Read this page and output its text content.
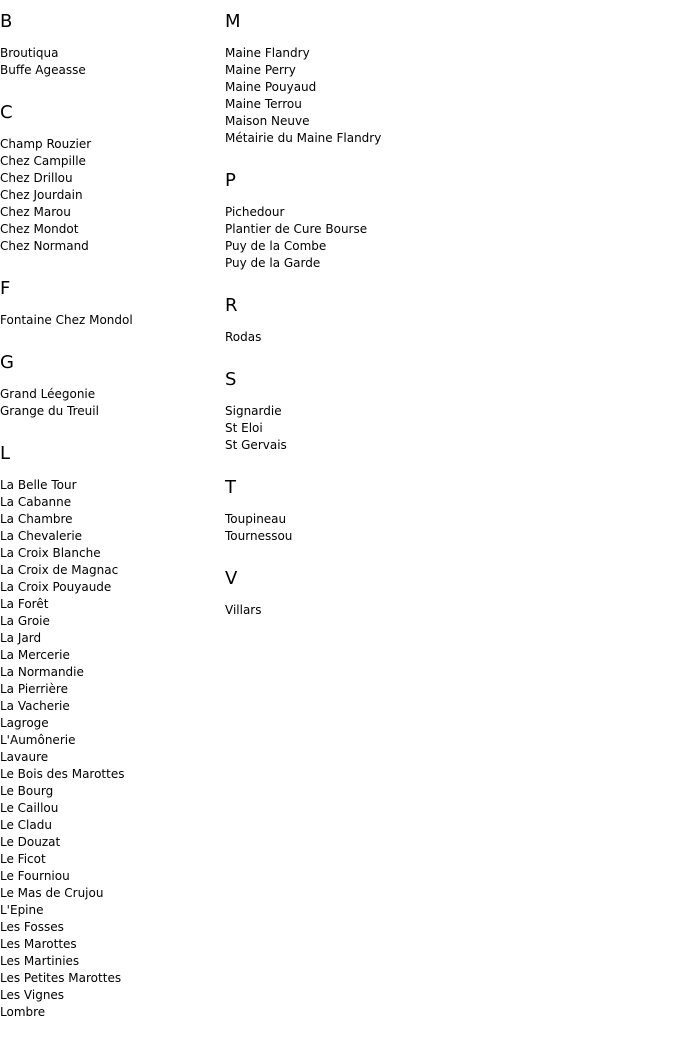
B
Broutiqua
Buffe Ageasse
C
Champ Rouzier
Chez Campille
Chez Drillou
Chez Jourdain
Chez Marou
Chez Mondot
Chez Normand
F
Fontaine Chez Mondol
G
Grand Léegonie
Grange du Treuil
L
La Belle Tour
La Cabanne
La Chambre
La Chevalerie
La Croix Blanche
La Croix de Magnac
La Croix Pouyaude
La Forêt
La Groie
La Jard
La Mercerie
La Normandie
La Pierrière
La Vacherie
Lagroge
L'Aumônerie
Lavaure
Le Bois des Marottes
Le Bourg
Le Caillou
Le Cladu
Le Douzat
Le Ficot
Le Fourniou
Le Mas de Crujou
L'Epine
Les Fosses
Les Marottes
Les Martinies
Les Petites Marottes
Les Vignes
Lombre
M
Maine Flandry
Maine Perry
Maine Pouyaud
Maine Terrou
Maison Neuve
Métairie du Maine Flandry
P
Pichedour
Plantier de Cure Bourse
Puy de la Combe
Puy de la Garde
R
Rodas
S
Signardie
St Eloi
St Gervais
T
Toupineau
Tournessou
V
Villars
